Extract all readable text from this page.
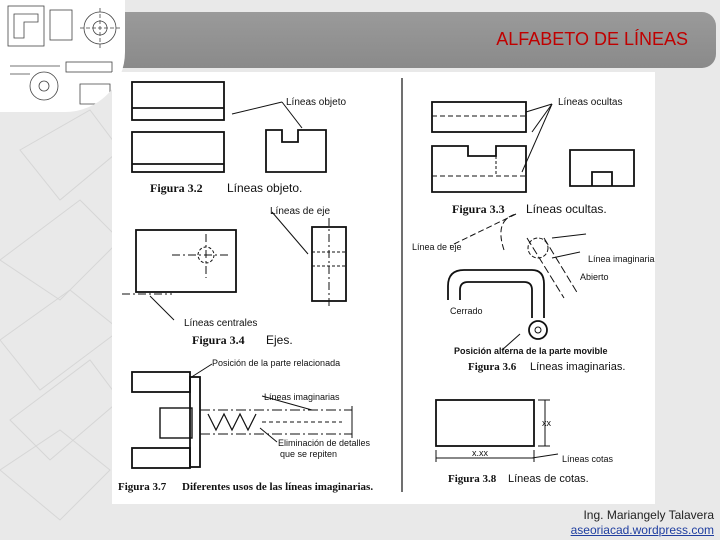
ALFABETO DE LÍNEAS
Líneas objeto
Figura 3.2 Líneas objeto.
Líneas de eje
Líneas centrales
Figura 3.4 Ejes.
Posición de la parte relacionada
Líneas imaginarias
Eliminación de detalles
que se repiten
Figura 3.7 Diferentes usos de las líneas imaginarias.
Líneas ocultas
Figura 3.3 Líneas ocultas.
Línea de eje
Línea imaginaria
Abierto
Cerrado
Posición alterna de la parte movible
Figura 3.6 Líneas imaginarias.
x.xx
xx
Líneas cotas
Figura 3.8 Líneas de cotas.
Ing. Mariangely Talavera
aseoriacad.wordpress.com
